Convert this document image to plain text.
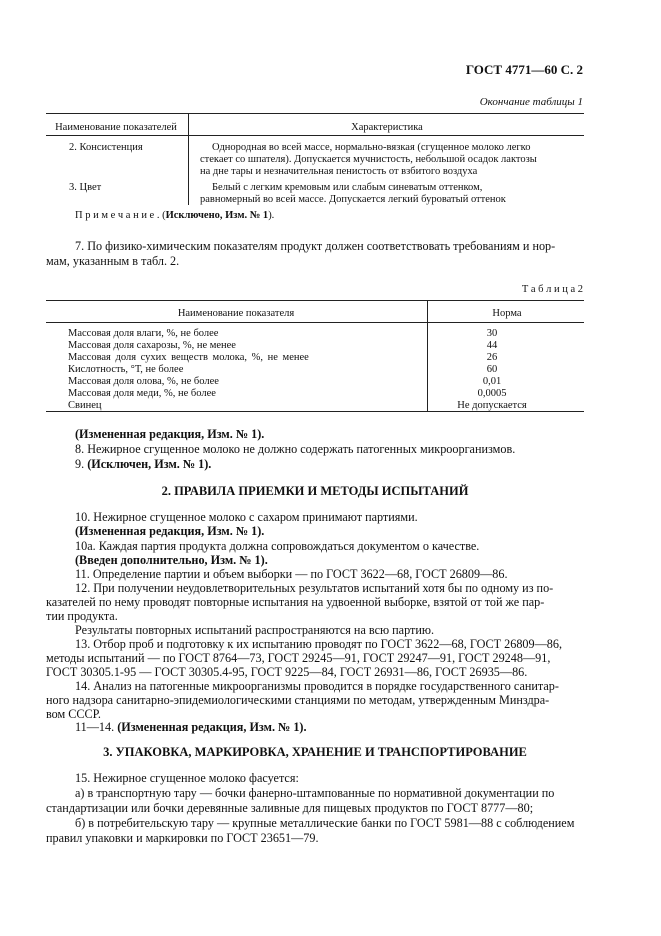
ГОСТ 4771—60 С. 2
Окончание таблицы 1
Наименование показателей	Характеристика
2. Консистенция	Однородная во всей массе, нормально-вязкая (сгущенное молоко легко
стекает со шпателя). Допускается мучнистость, небольшой осадок лактозы
на дне тары и незначительная пенистость от взбитого воздуха
3. Цвет	Белый с легким кремовым или слабым синеватым оттенком,
равномерный во всей массе. Допускается легкий буроватый оттенок
П р и м е ч а н и е . (Исключено, Изм. № 1).
7. По физико-химическим показателям продукт должен соответствовать требованиям и нор-
мам, указанным в табл. 2.
Т а б л и ц а 2
Наименование показателя	Норма
Массовая доля влаги, %, не более	30
Массовая доля сахарозы, %, не менее	44
Массовая доля сухих веществ молока, %, не менее	26
Кислотность, °Т, не более	60
Массовая доля олова, %, не более	0,01
Массовая доля меди, %, не более	0,0005
Свинец	Не допускается
(Измененная редакция, Изм. № 1).
8. Нежирное сгущенное молоко не должно содержать патогенных микроорганизмов.
9. (Исключен, Изм. № 1).
2. ПРАВИЛА ПРИЕМКИ И МЕТОДЫ ИСПЫТАНИЙ
10. Нежирное сгущенное молоко с сахаром принимают партиями.
(Измененная редакция, Изм. № 1).
10а. Каждая партия продукта должна сопровождаться документом о качестве.
(Введен дополнительно, Изм. № 1).
11. Определение партии и объем выборки — по ГОСТ 3622—68, ГОСТ 26809—86.
12. При получении неудовлетворительных результатов испытаний хотя бы по одному из по-
казателей по нему проводят повторные испытания на удвоенной выборке, взятой от той же пар-
тии продукта.
Результаты повторных испытаний распространяются на всю партию.
13. Отбор проб и подготовку к их испытанию проводят по ГОСТ 3622—68, ГОСТ 26809—86,
методы испытаний — по ГОСТ 8764—73, ГОСТ 29245—91, ГОСТ 29247—91, ГОСТ 29248—91,
ГОСТ 30305.1-95 — ГОСТ 30305.4-95, ГОСТ 9225—84, ГОСТ 26931—86, ГОСТ 26935—86.
14. Анализ на патогенные микроорганизмы проводится в порядке государственного санитар-
ного надзора санитарно-эпидемиологическими станциями по методам, утвержденным Минздра-
вом СССР.
11—14. (Измененная редакция, Изм. № 1).
3. УПАКОВКА, МАРКИРОВКА, ХРАНЕНИЕ И ТРАНСПОРТИРОВАНИЕ
15. Нежирное сгущенное молоко фасуется:
а) в транспортную тару — бочки фанерно-штампованные по нормативной документации по
стандартизации или бочки деревянные заливные для пищевых продуктов по ГОСТ 8777—80;
б) в потребительскую тару — крупные металлические банки по ГОСТ 5981—88 с соблюдением
правил упаковки и маркировки по ГОСТ 23651—79.
